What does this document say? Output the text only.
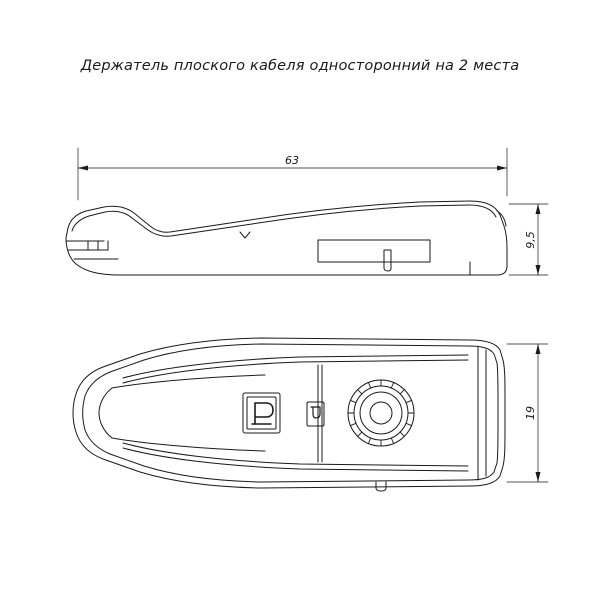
Держатель плоского кабеля односторонний на 2 места
63
9,5
19
